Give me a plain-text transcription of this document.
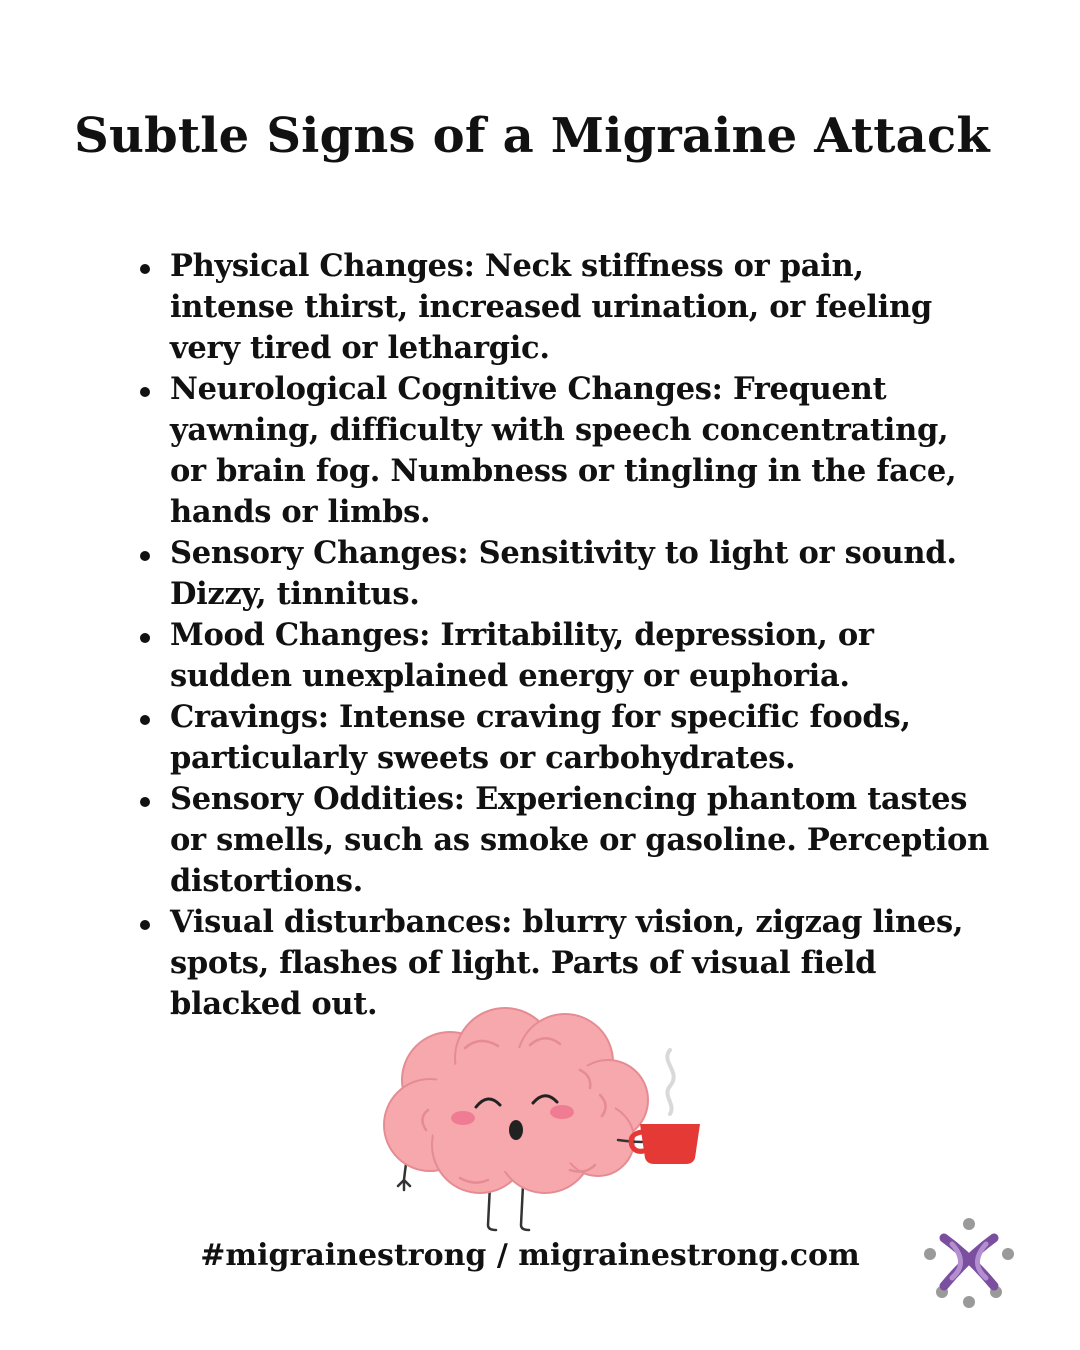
Subtle Signs of a Migraine Attack
Physical Changes: Neck stiffness or pain,
intense thirst, increased urination, or feeling
very tired or lethargic.
Neurological Cognitive Changes: Frequent
yawning, difficulty with speech concentrating,
or brain fog. Numbness or tingling in the face,
hands or limbs.
Sensory Changes: Sensitivity to light or sound.
Dizzy, tinnitus.
Mood Changes: Irritability, depression, or
sudden unexplained energy or euphoria.
Cravings: Intense craving for specific foods,
particularly sweets or carbohydrates.
Sensory Oddities: Experiencing phantom tastes
or smells, such as smoke or gasoline. Perception
distortions.
Visual disturbances: blurry vision, zigzag lines,
spots, flashes of light. Parts of visual field
blacked out.
#migrainestrong / migrainestrong.com
